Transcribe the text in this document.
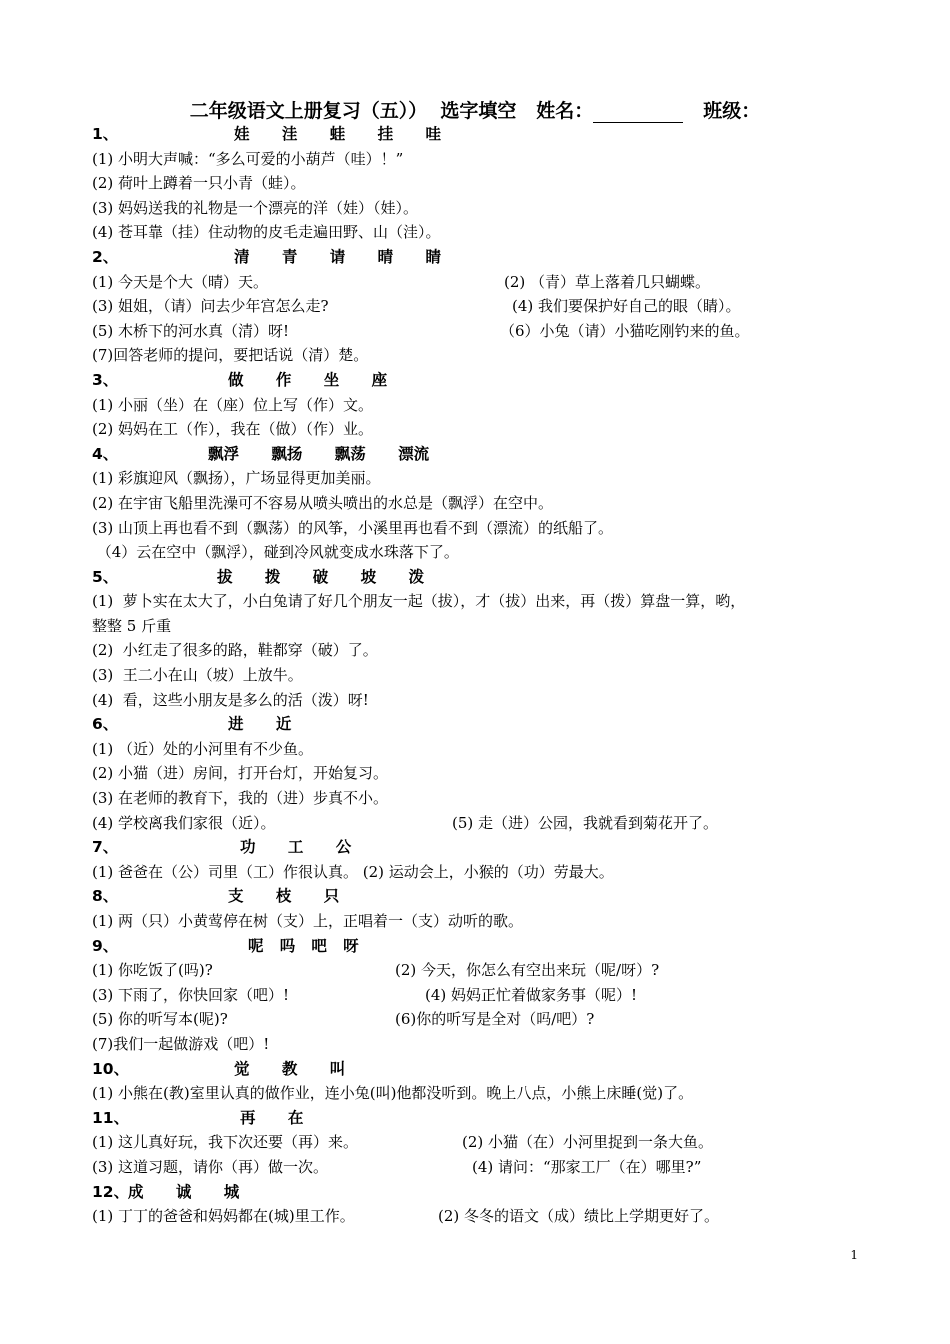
二年级语文上册复习（五））  选字填空   姓名：	班级：
1、	娃      洼      蛙      挂      哇
(1) 小明大声喊：“多么可爱的小葫芦（哇）！”
(2) 荷叶上蹲着一只小青（蛙）。
(3) 妈妈送我的礼物是一个漂亮的洋（娃）（娃）。
(4) 苍耳靠（挂）住动物的皮毛走遍田野、山（洼）。
2、	清      青      请      晴      睛
(1) 今天是个大（晴）天。	(2) （青）草上落着几只蝴蝶。
(3) 姐姐，（请）问去少年宫怎么走?	(4) 我们要保护好自己的眼（睛）。
(5) 木桥下的河水真（清）呀!	（6）小兔（请）小猫吃刚钓来的鱼。
(7)回答老师的提问，要把话说（清）楚。
3、	做      作      坐      座
(1) 小丽（坐）在（座）位上写（作）文。
(2) 妈妈在工（作），我在（做）（作）业。
4、	飘浮      飘扬      飘荡      漂流
(1) 彩旗迎风（飘扬），广场显得更加美丽。
(2) 在宇宙飞船里洗澡可不容易从喷头喷出的水总是（飘浮）在空中。
(3) 山顶上再也看不到（飘荡）的风筝，小溪里再也看不到（漂流）的纸船了。
（4）云在空中（飘浮），碰到冷风就变成水珠落下了。
5、	拔      拨      破      坡      泼
(1)  萝卜实在太大了，小白兔请了好几个朋友一起（拔），才（拔）出来，再（拨）算盘一算，哟，
整整 5 斤重
(2)  小红走了很多的路，鞋都穿（破）了。
(3)  王二小在山（坡）上放牛。
(4)  看，这些小朋友是多么的活（泼）呀!
6、	进      近
(1) （近）处的小河里有不少鱼。
(2) 小猫（进）房间，打开台灯，开始复习。
(3) 在老师的教育下，我的（进）步真不小。
(4) 学校离我们家很（近）。	(5) 走（进）公园，我就看到菊花开了。
7、	功      工      公
(1) 爸爸在（公）司里（工）作很认真。 (2) 运动会上，小猴的（功）劳最大。
8、	支      枝      只
(1) 两（只）小黄莺停在树（支）上，正唱着一（支）动听的歌。
9、	呢   吗   吧   呀
(1) 你吃饭了(吗)?	(2) 今天，你怎么有空出来玩（呢/呀）?
(3) 下雨了，你快回家（吧）!	(4) 妈妈正忙着做家务事（呢）!
(5) 你的听写本(呢)?	(6)你的听写是全对（吗/吧）?
(7)我们一起做游戏（吧）!
10、	觉      教      叫
(1) 小熊在(教)室里认真的做作业，连小兔(叫)他都没听到。晚上八点，小熊上床睡(觉)了。
11、	再      在
(1) 这儿真好玩，我下次还要（再）来。	(2) 小猫（在）小河里捉到一条大鱼。
(3) 这道习题，请你（再）做一次。	(4) 请问：“那家工厂（在）哪里?”
12、
成      诚      城
(1) 丁丁的爸爸和妈妈都在(城)里工作。	(2) 冬冬的语文（成）绩比上学期更好了。
1
